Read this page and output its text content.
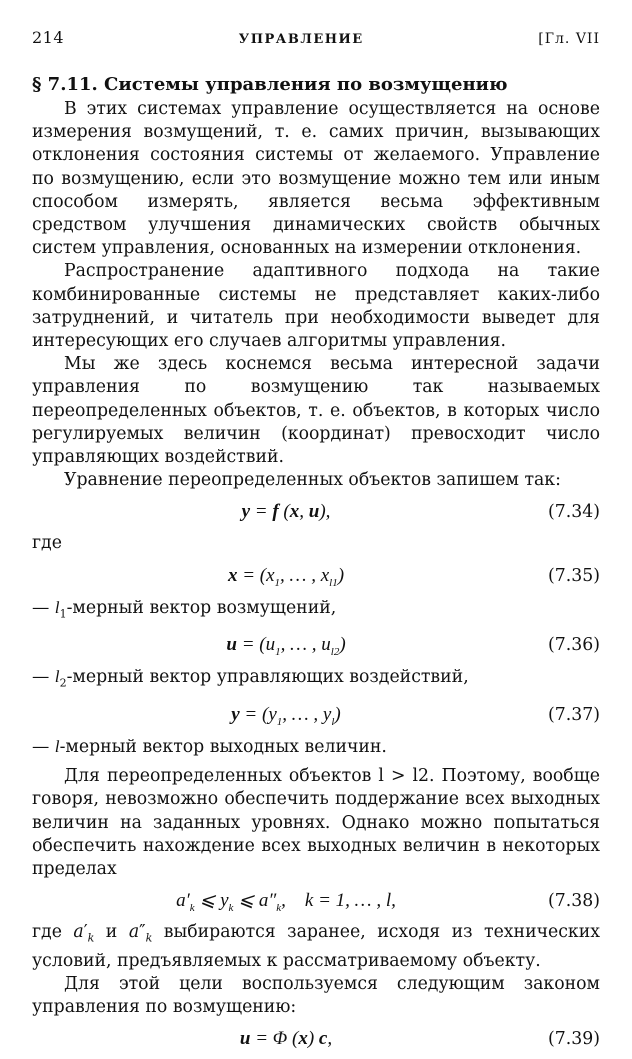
214	УПРАВЛЕНИЕ	[Гл. VII
§ 7.11. Системы управления по возмущению

В этих системах управление осуществляется на основе измерения возмущений, т. е. самих причин, вызывающих отклонения состояния системы от желаемого. Управление по возмущению, если это возмущение можно тем или иным способом измерять, является весьма эффективным средством улучшения динамических свойств обычных систем управления, основанных на измерении отклонения.

Распространение адаптивного подхода на такие комбинированные системы не представляет каких-либо затруднений, и читатель при необходимости выведет для интересующих его случаев алгоритмы управления.

Мы же здесь коснемся весьма интересной задачи управления по возмущению так называемых переопределенных объектов, т. е. объектов, в которых число регулируемых величин (координат) превосходит число управляющих воздействий.

Уравнение переопределенных объектов запишем так:

y = f (x, u),	(7.34)
где
$x = (x_1$, … , $x_{l1}$)	(7.35)
— $l_1$-мерный вектор возмущений,
$u = (u_1$, … , $u_{l2}$)	(7.36)
— $l_2$-мерный вектор управляющих воздействий,
$y = (y_1$, … , $y_l$)	(7.37)
— l-мерный вектор выходных величин.

Для переопределенных объектов l > l2. Поэтому, вообще говоря, невозможно обеспечить поддержание всех выходных величин на заданных уровнях. Однако можно попытаться обеспечить нахождение всех выходных величин в некоторых пределах

$a'_k$ ⩽ $y_k$ ⩽ $a''_k$,    k = 1, … , l,	(7.38)

где $a'_k$ и $a''_k$ выбираются заранее, исходя из технических условий, предъявляемых к рассматриваемому объекту.

Для этой цели воспользуемся следующим законом управления по возмущению:

u = Φ (x) c,	(7.39)
